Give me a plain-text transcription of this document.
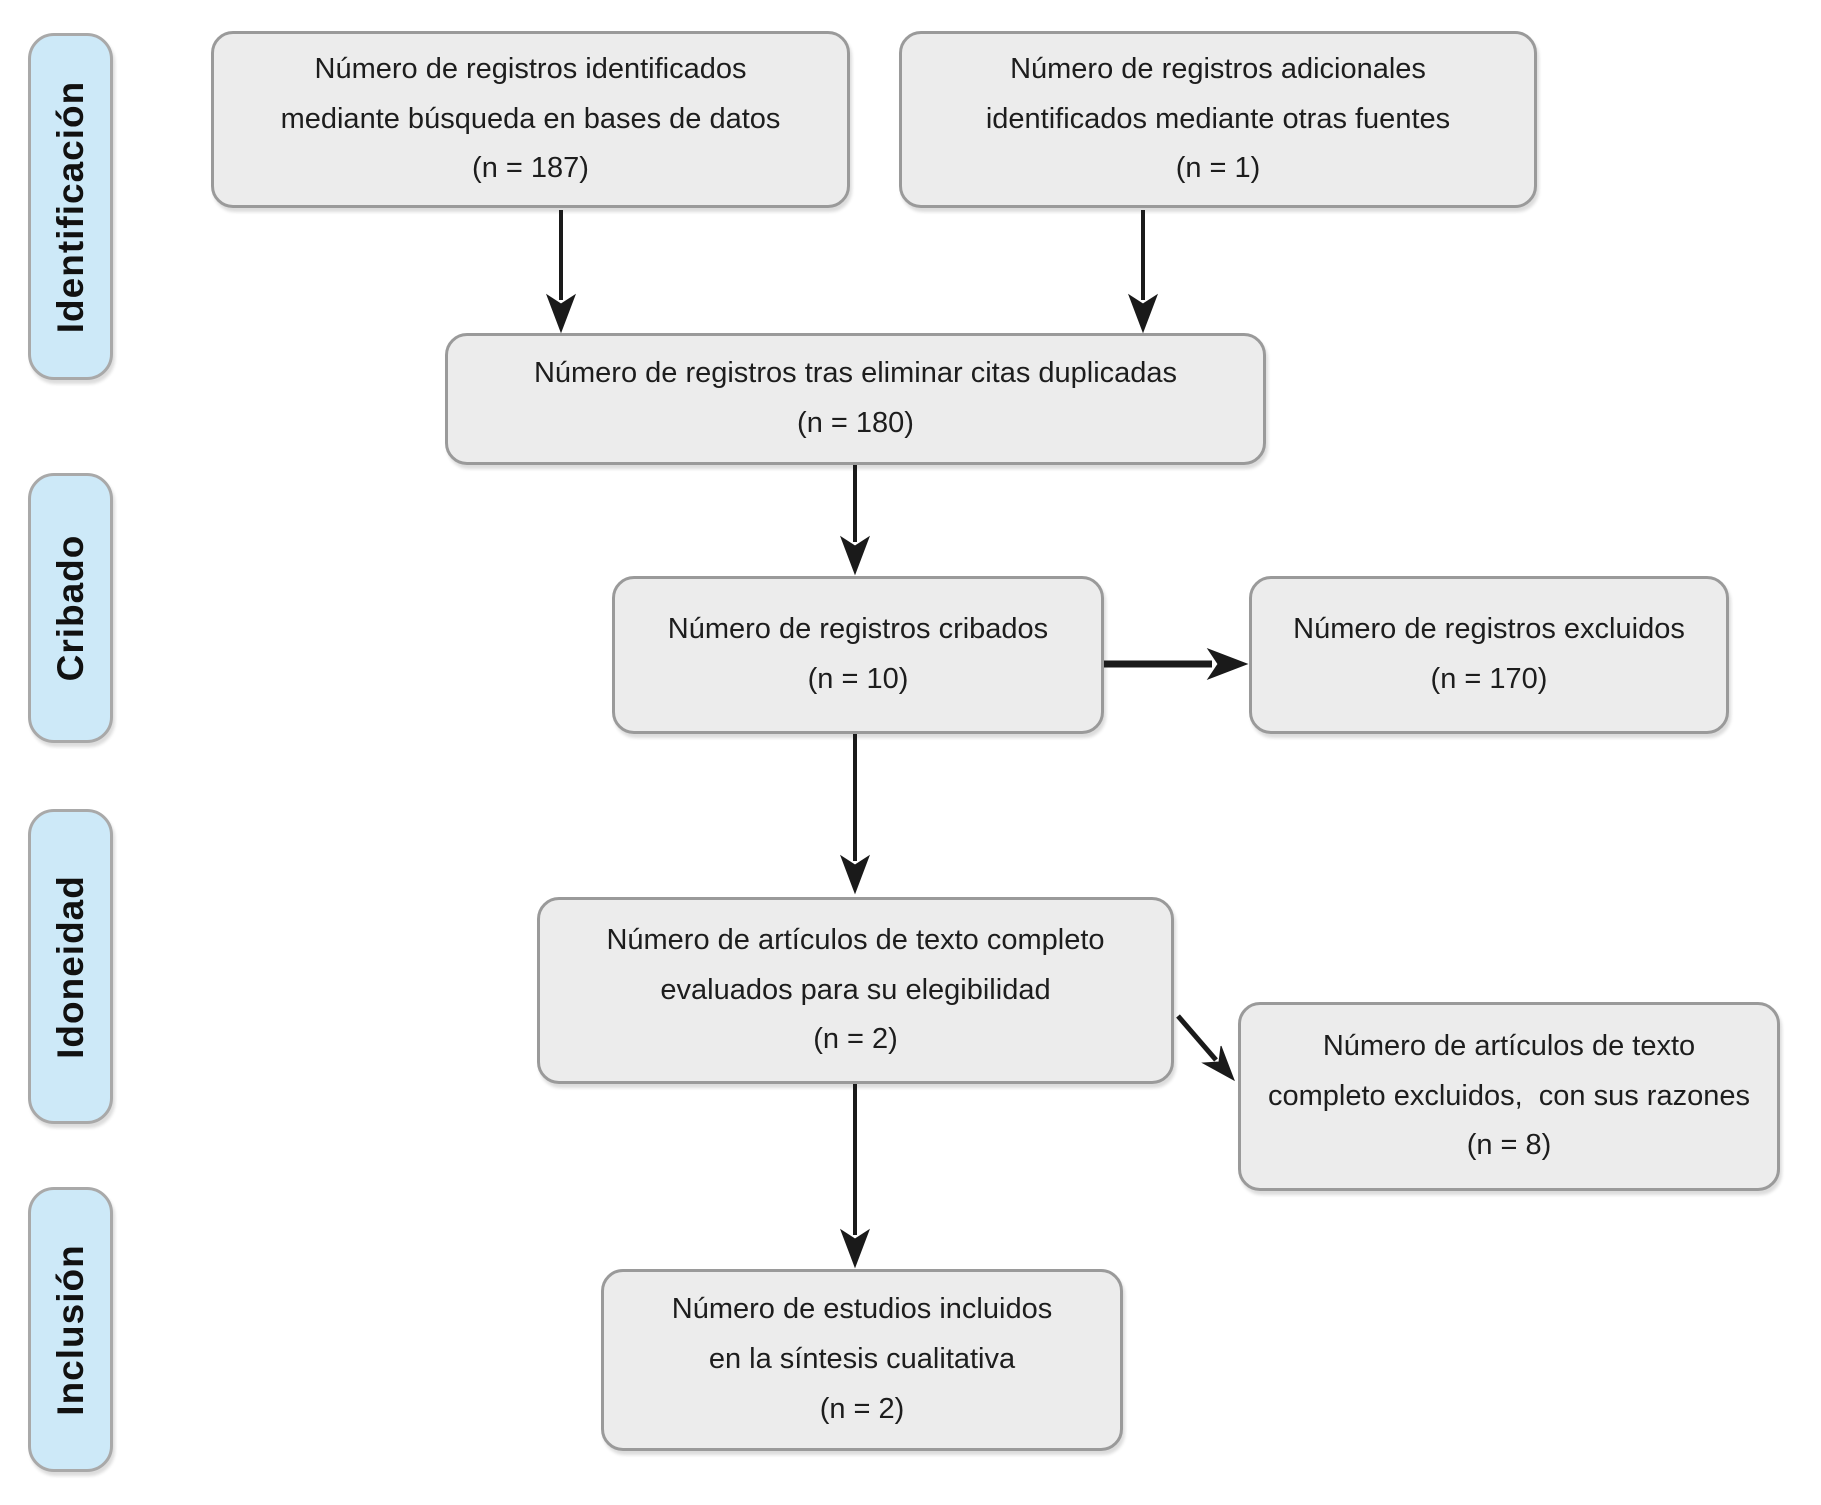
Identificación
Cribado
Idoneidad
Inclusión
Número de registros identificados
mediante búsqueda en bases de datos
(n = 187)
Número de registros adicionales
identificados mediante otras fuentes
(n = 1)
Número de registros tras eliminar citas duplicadas
(n = 180)
Número de registros cribados
(n = 10)
Número de registros excluidos
(n = 170)
Número de artículos de texto completo
evaluados para su elegibilidad
(n = 2)	Número de artículos de texto
completo excluidos,  con sus razones
(n = 8)
Número de estudios incluidos
en la síntesis cualitativa
(n = 2)
